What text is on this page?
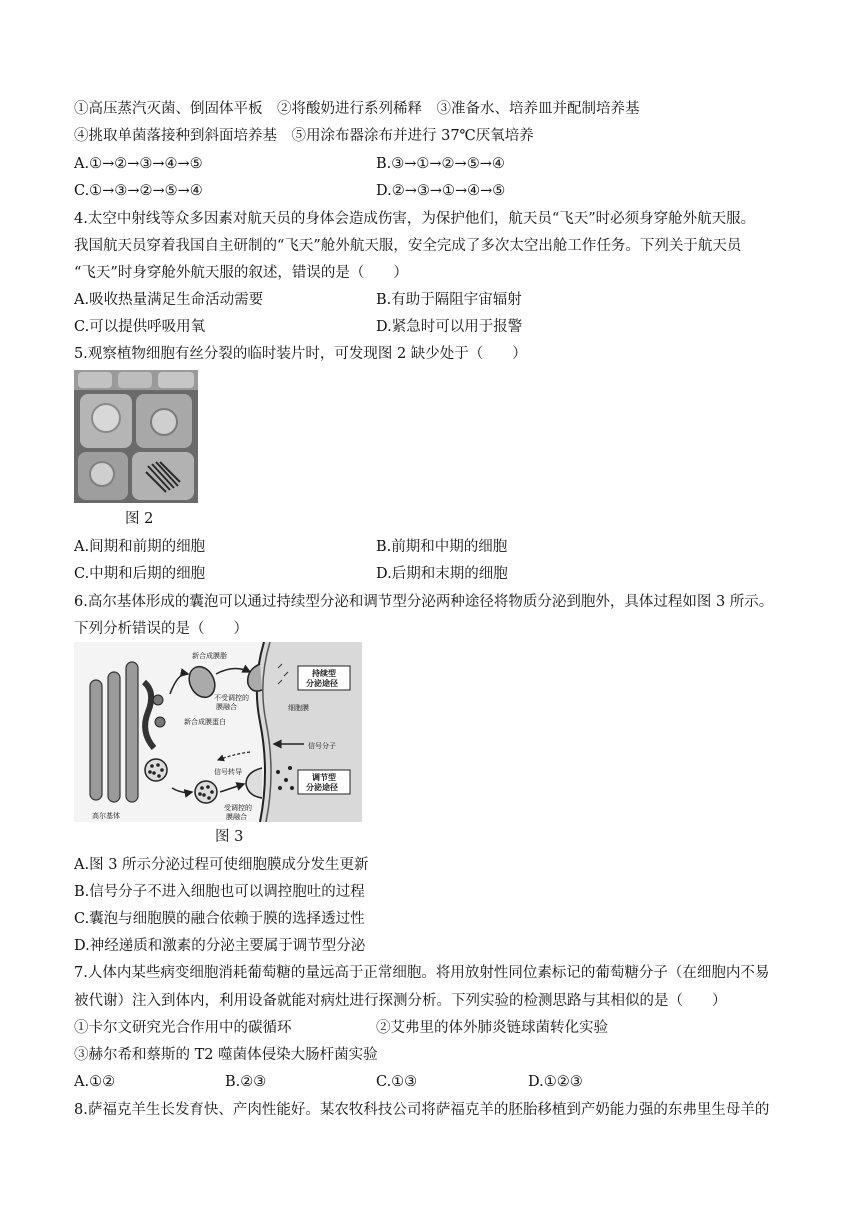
①高压蒸汽灭菌、倒固体平板　②将酸奶进行系列稀释　③准备水、培养皿并配制培养基
④挑取单菌落接种到斜面培养基　⑤用涂布器涂布并进行 37℃厌氧培养
A.①→②→③→④→⑤	B.③→①→②→⑤→④
C.①→③→②→⑤→④	D.②→③→①→④→⑤
4.太空中射线等众多因素对航天员的身体会造成伤害，为保护他们，航天员“飞天”时必须身穿舱外航天服。
我国航天员穿着我国自主研制的“飞天”舱外航天服，安全完成了多次太空出舱工作任务。下列关于航天员
“飞天”时身穿舱外航天服的叙述，错误的是（　　）
A.吸收热量满足生命活动需要	B.有助于隔阻宇宙辐射
C.可以提供呼吸用氧	D.紧急时可以用于报警
5.观察植物细胞有丝分裂的临时装片时，可发现图 2 缺少处于（　　）
图 2
A.间期和前期的细胞	B.前期和中期的细胞
C.中期和后期的细胞	D.后期和末期的细胞
6.高尔基体形成的囊泡可以通过持续型分泌和调节型分泌两种途径将物质分泌到胞外，具体过程如图 3 所示。
下列分析错误的是（　　）
新合成膜脂
不受调控的
膜融合
新合成膜蛋白
持续型
分泌途径
细胞膜
信号分子
信号转导
受调控的
膜融合
调节型
分泌途径
高尔基体
图 3
A.图 3 所示分泌过程可使细胞膜成分发生更新
B.信号分子不进入细胞也可以调控胞吐的过程
C.囊泡与细胞膜的融合依赖于膜的选择透过性
D.神经递质和激素的分泌主要属于调节型分泌
7.人体内某些病变细胞消耗葡萄糖的量远高于正常细胞。将用放射性同位素标记的葡萄糖分子（在细胞内不易
被代谢）注入到体内，利用设备就能对病灶进行探测分析。下列实验的检测思路与其相似的是（　　）
①卡尔文研究光合作用中的碳循环	②艾弗里的体外肺炎链球菌转化实验
③赫尔希和蔡斯的 T2 噬菌体侵染大肠杆菌实验
A.①②	B.②③	C.①③	D.①②③
8.萨福克羊生长发育快、产肉性能好。某农牧科技公司将萨福克羊的胚胎移植到产奶能力强的东弗里生母羊的
